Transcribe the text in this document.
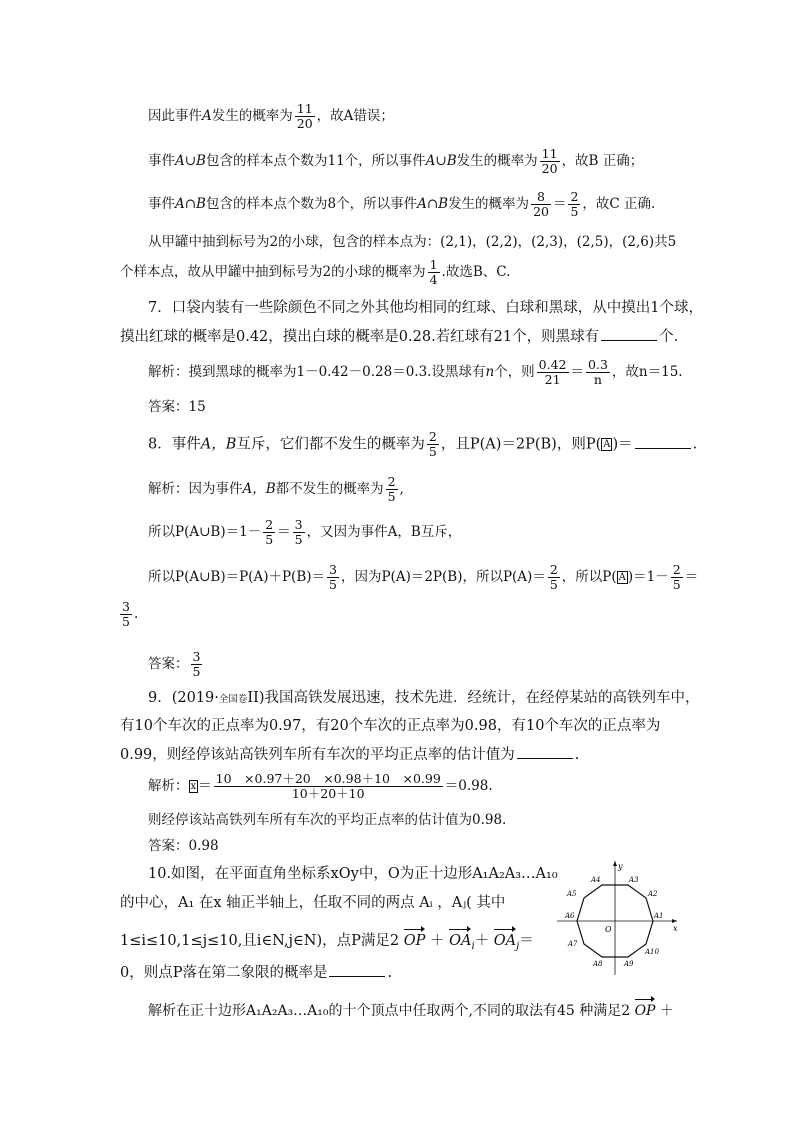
因此事件A发生的概率为 $\frac{11}{20}$ ，故A错误；
事件A∪B包含的样本点个数为11个，所以事件A∪B发生的概率为 $\frac{11}{20}$ ，故B 正确；
事件A∩B包含的样本点个数为8个，所以事件A∩B发生的概率为 $\frac{8}{20} = \frac{2}{5}$ ，故C 正确.
从甲罐中抽到标号为2的小球，包含的样本点为：(2,1)，(2,2)，(2,3)，(2,5)，(2,6)共5
个样本点，故从甲罐中抽到标号为2的小球的概率为 $\frac{1}{4}$ .故选B、C.
7．口袋内装有一些除颜色不同之外其他均相同的红球、白球和黑球，从中摸出1个球，
摸出红球的概率是0.42，摸出白球的概率是0.28.若红球有21个，则黑球有	个.
解析：摸到黑球的概率为1－0.42－0.28＝0.3.设黑球有n个，则 $\frac{0.42}{21} = \frac{0.3}{n}$ ，故n＝15.
答案：15
8．事件A，B互斥，它们都不发生的概率为 $\frac{2}{5}$ ，且P(A)＝2P(B)，则P( A )＝	.
解析：因为事件A，B都不发生的概率为 $\frac{2}{5}$ ,
所以P(A∪B)＝1－ $\frac{2}{5} = \frac{3}{5}$ ，又因为事件A，B互斥，
所以P(A∪B)＝P(A)＋P(B)＝ $\frac{3}{5}$ ，因为P(A)＝2P(B)，所以$P(A)= \frac{2}{5}$ ，所以P( A )$=1- \frac{2}{5}$ ＝
$\frac{3}{5}$ .
答案： $\frac{3}{5}$
9．(2019·全国卷II)我国高铁发展迅速，技术先进．经统计，在经停某站的高铁列车中，
有10个车次的正点率为0.97，有20个车次的正点率为0.98，有10个车次的正点率为
0.99，则经停该站高铁列车所有车次的平均正点率的估计值为	.
解析： $x = \frac{10 \times 0.97+20 \times 0.98+10 \times 0.99}{10+20+10} =0.98$.
则经停该站高铁列车所有车次的平均正点率的估计值为0.98.
答案：0.98
10.如图，在平面直角坐标系xOy中，O为正十边形A₁A₂A₃…A₁₀
的中心，A₁ 在x 轴正半轴上，任取不同的两点 Aᵢ ，Aⱼ( 其中
1≤i≤10,1≤j≤10,且i∈N,j∈N)，点P满足2 OP ＋ $OA_i+ OA_j=$
0，则点P落在第二象限的概率是	.
解析在正十边形A₁A₂A₃…A₁₀的十个顶点中任取两个,不同的取法有45 种满足2 OP ＋
y
x
O
A1
A2
A3
A4
A5
A6
A7
A8	A9
A10
